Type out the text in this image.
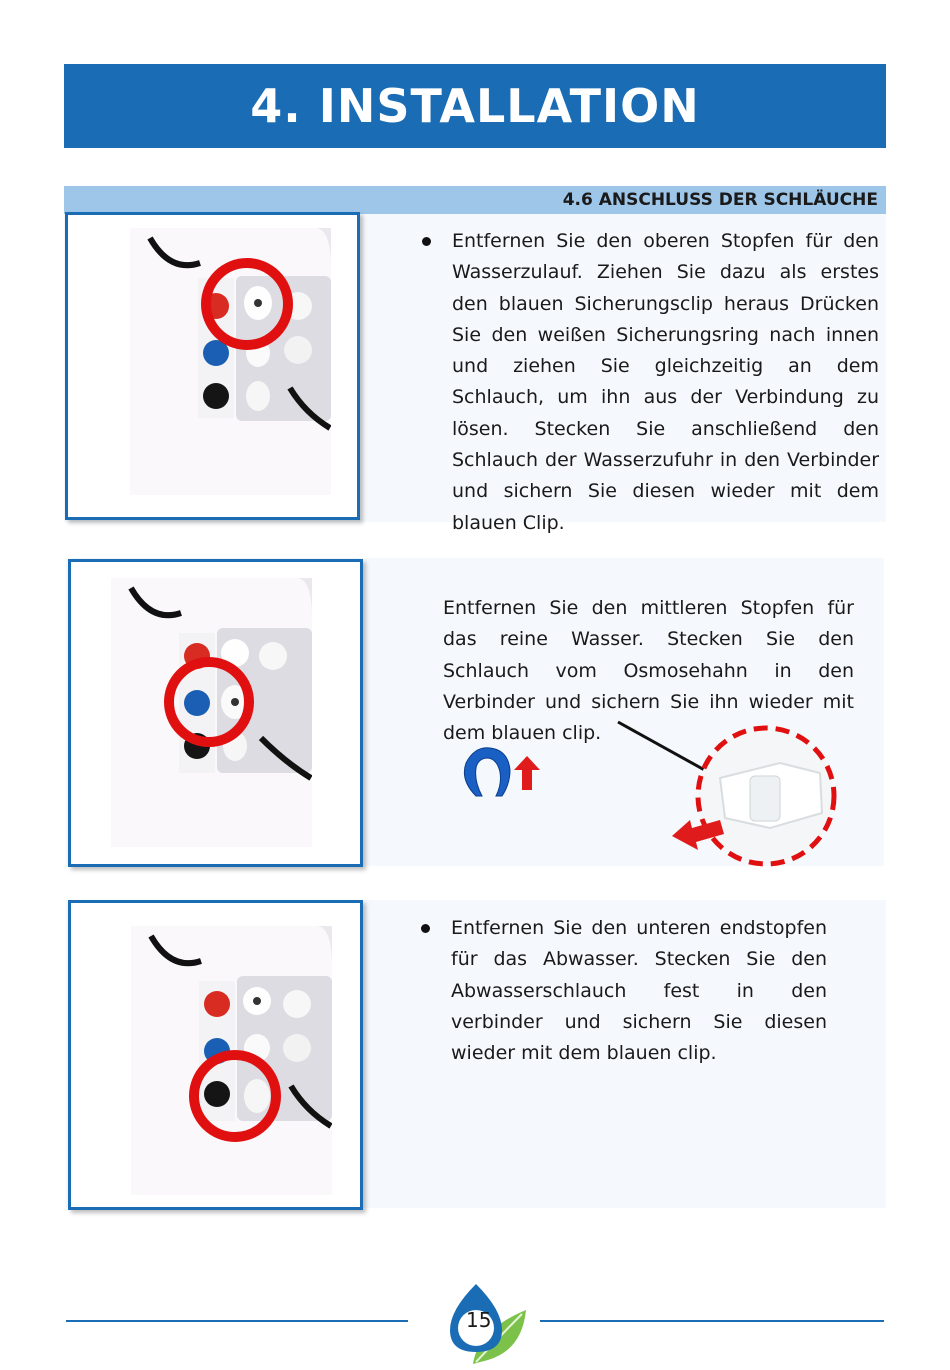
4. INSTALLATION
4.6 ANSCHLUSS DER SCHLÄUCHE
Entfernen Sie den oberen Stopfen für den Wasserzulauf. Ziehen Sie dazu als erstes den blauen Sicherungsclip heraus Drücken Sie den weißen Sicherungsring nach innen und ziehen Sie gleichzeitig an dem Schlauch, um ihn aus der Verbindung zu lösen. Stecken Sie anschließend den Schlauch der Wasserzufuhr in den Verbinder und sichern Sie diesen wieder mit dem blauen Clip.
Entfernen Sie den mittleren Stopfen für das reine Wasser. Stecken Sie den Schlauch vom Osmosehahn in den Verbinder und sichern Sie ihn wieder mit dem blauen clip.
Entfernen Sie den unteren endstopfen für das Abwasser. Stecken Sie den Abwasserschlauch fest in den verbinder und sichern Sie diesen wieder mit dem blauen clip.
15
